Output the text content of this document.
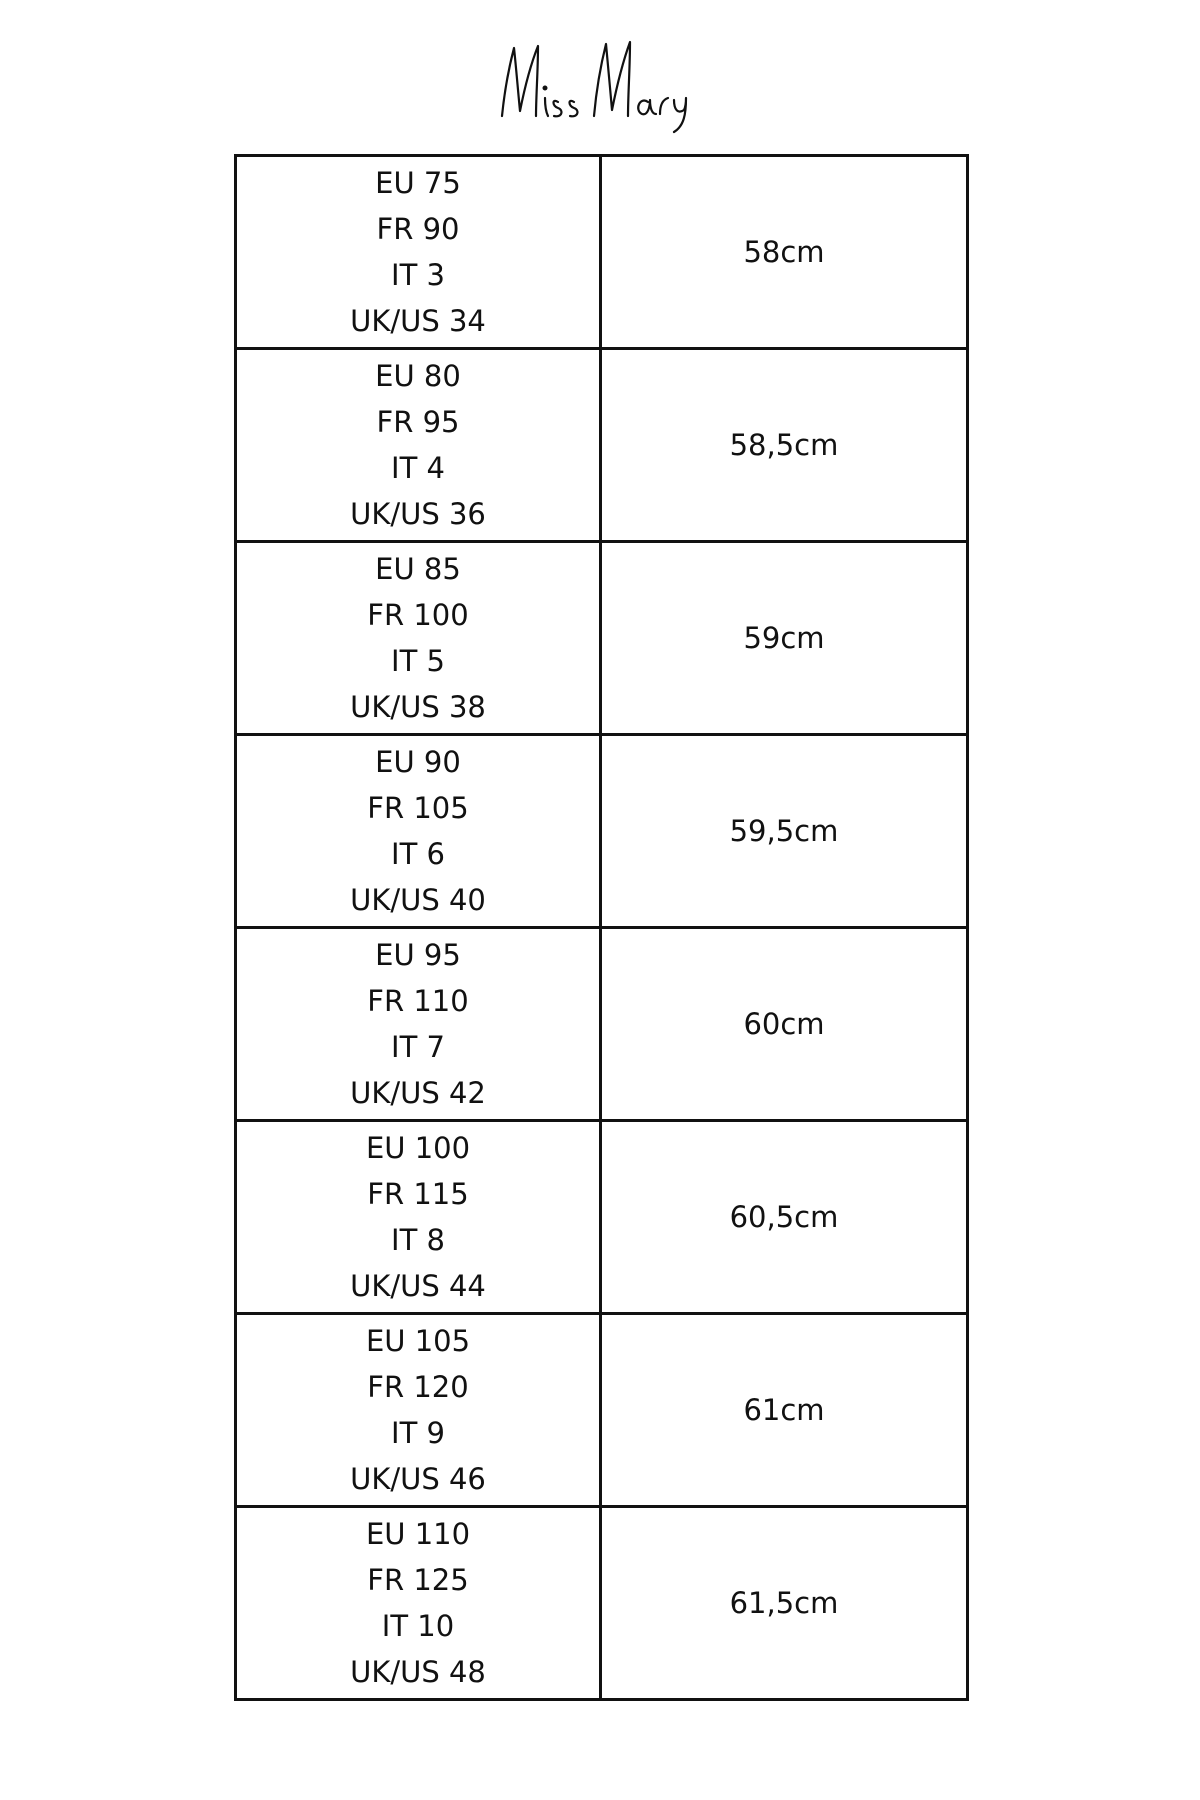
EU 75
FR 90
IT 3
UK/US 34	58cm

EU 80
FR 95
IT 4
UK/US 36	58,5cm

EU 85
FR 100
IT 5
UK/US 38	59cm

EU 90
FR 105
IT 6
UK/US 40	59,5cm

EU 95
FR 110
IT 7
UK/US 42	60cm

EU 100
FR 115
IT 8
UK/US 44	60,5cm

EU 105
FR 120
IT 9
UK/US 46	61cm

EU 110
FR 125
IT 10
UK/US 48	61,5cm
